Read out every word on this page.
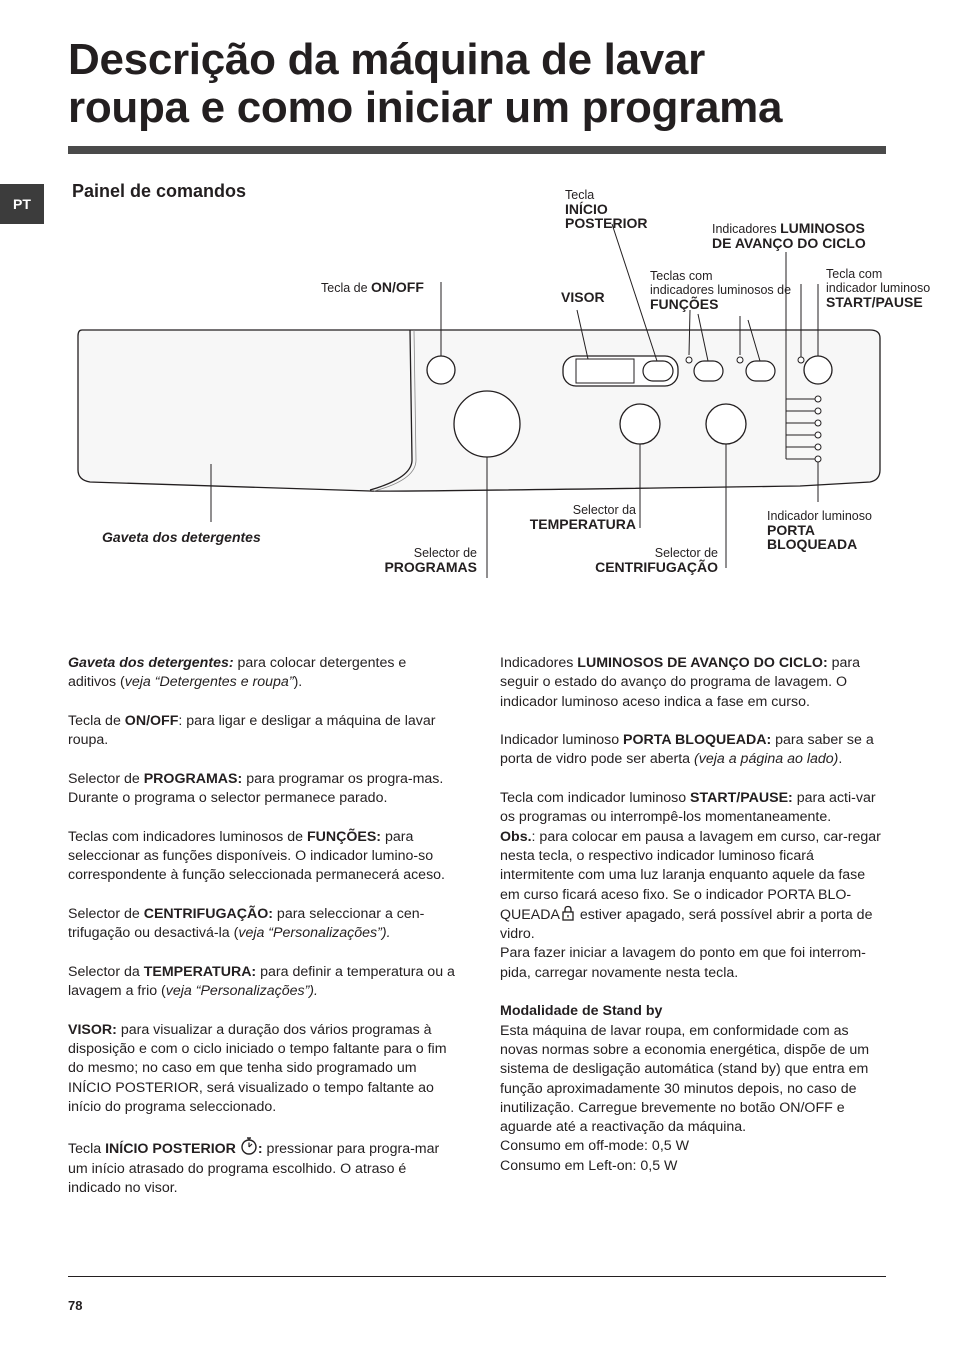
Descrição da máquina de lavar
roupa e como iniciar um programa
PT
Painel de comandos	Tecla
INÍCIO
POSTERIOR	Indicadores LUMINOSOS
DE AVANÇO DO CICLO
Tecla de ON/OFF
VISOR
Teclas com
indicadores luminosos de
FUNÇÕES
Tecla com
indicador luminoso
START/PAUSE
Gaveta dos detergentes
Selector da
TEMPERATURA
Selector de
PROGRAMAS
Selector de
CENTRIFUGAÇÃO
Indicador luminoso
PORTA
BLOQUEADA

Gaveta dos detergentes: para colocar detergentes e aditivos (veja “Detergentes e roupa”).

Tecla de ON/OFF: para ligar e desligar a máquina de lavar roupa.

Selector de PROGRAMAS: para programar os progra-mas. Durante o programa o selector permanece parado.

Teclas com indicadores luminosos de FUNÇÕES: para seleccionar as funções disponíveis. O indicador lumino-so correspondente à função seleccionada permanecerá aceso.

Selector de CENTRIFUGAÇÃO: para seleccionar a cen-trifugação ou desactivá-la (veja “Personalizações”).

Selector da TEMPERATURA: para definir a temperatura ou a lavagem a frio (veja “Personalizações”).

VISOR: para visualizar a duração dos vários programas à disposição e com o ciclo iniciado o tempo faltante para o fim do mesmo; no caso em que tenha sido programado um INÍCIO POSTERIOR, será visualizado o tempo faltante ao início do programa seleccionado.

Tecla INÍCIO POSTERIOR : pressionar para progra-mar um início atrasado do programa escolhido. O atraso é indicado no visor.

Indicadores LUMINOSOS DE AVANÇO DO CICLO: para seguir o estado do avanço do programa de lavagem. O indicador luminoso aceso indica a fase em curso.

Indicador luminoso PORTA BLOQUEADA: para saber se a porta de vidro pode ser aberta (veja a página ao lado).

Tecla com indicador luminoso START/PAUSE: para acti-var os programas ou interrompê-los momentaneamente.
Obs.: para colocar em pausa a lavagem em curso, car-regar nesta tecla, o respectivo indicador luminoso ficará intermitente com uma luz laranja enquanto aquele da fase em curso ficará aceso fixo. Se o indicador PORTA BLO-QUEADA estiver apagado, será possível abrir a porta de vidro.
Para fazer iniciar a lavagem do ponto em que foi interrom-pida, carregar novamente nesta tecla.

Modalidade de Stand by
Esta máquina de lavar roupa, em conformidade com as novas normas sobre a economia energética, dispõe de um sistema de desligação automática (stand by) que entra em função aproximadamente 30 minutos depois, no caso de inutilização. Carregue brevemente no botão ON/OFF e aguarde até a reactivação da máquina.
Consumo em off-mode: 0,5 W
Consumo em Left-on: 0,5 W

78
